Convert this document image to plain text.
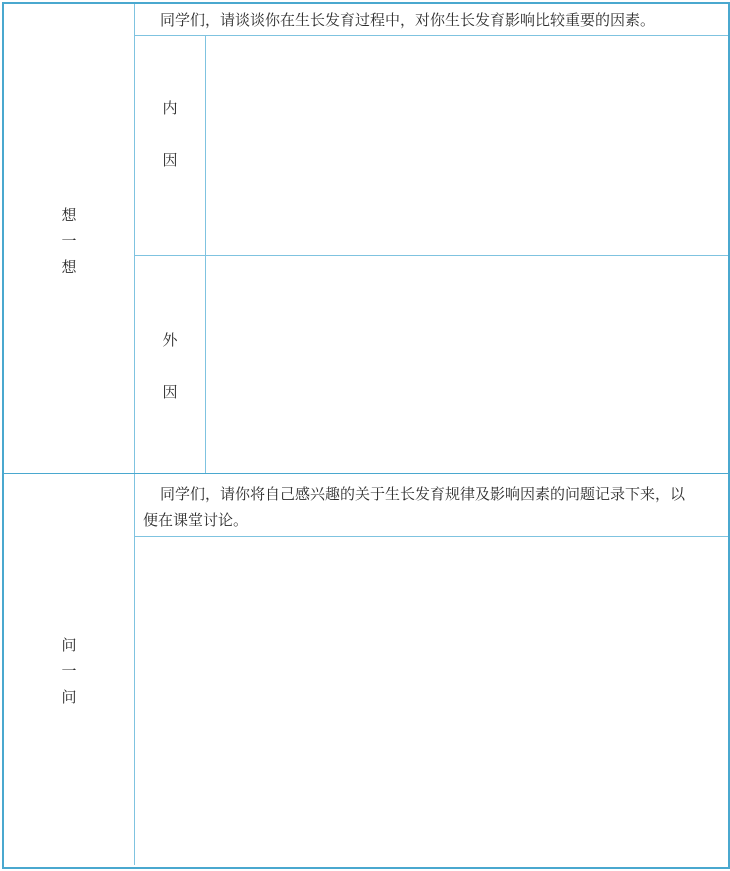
想
一
想
同学们，请谈谈你在生长发育过程中，对你生长发育影响比较重要的因素。
内
因
外
因
问
一
问
同学们，请你将自己感兴趣的关于生长发育规律及影响因素的问题记录下来，以
便在课堂讨论。
